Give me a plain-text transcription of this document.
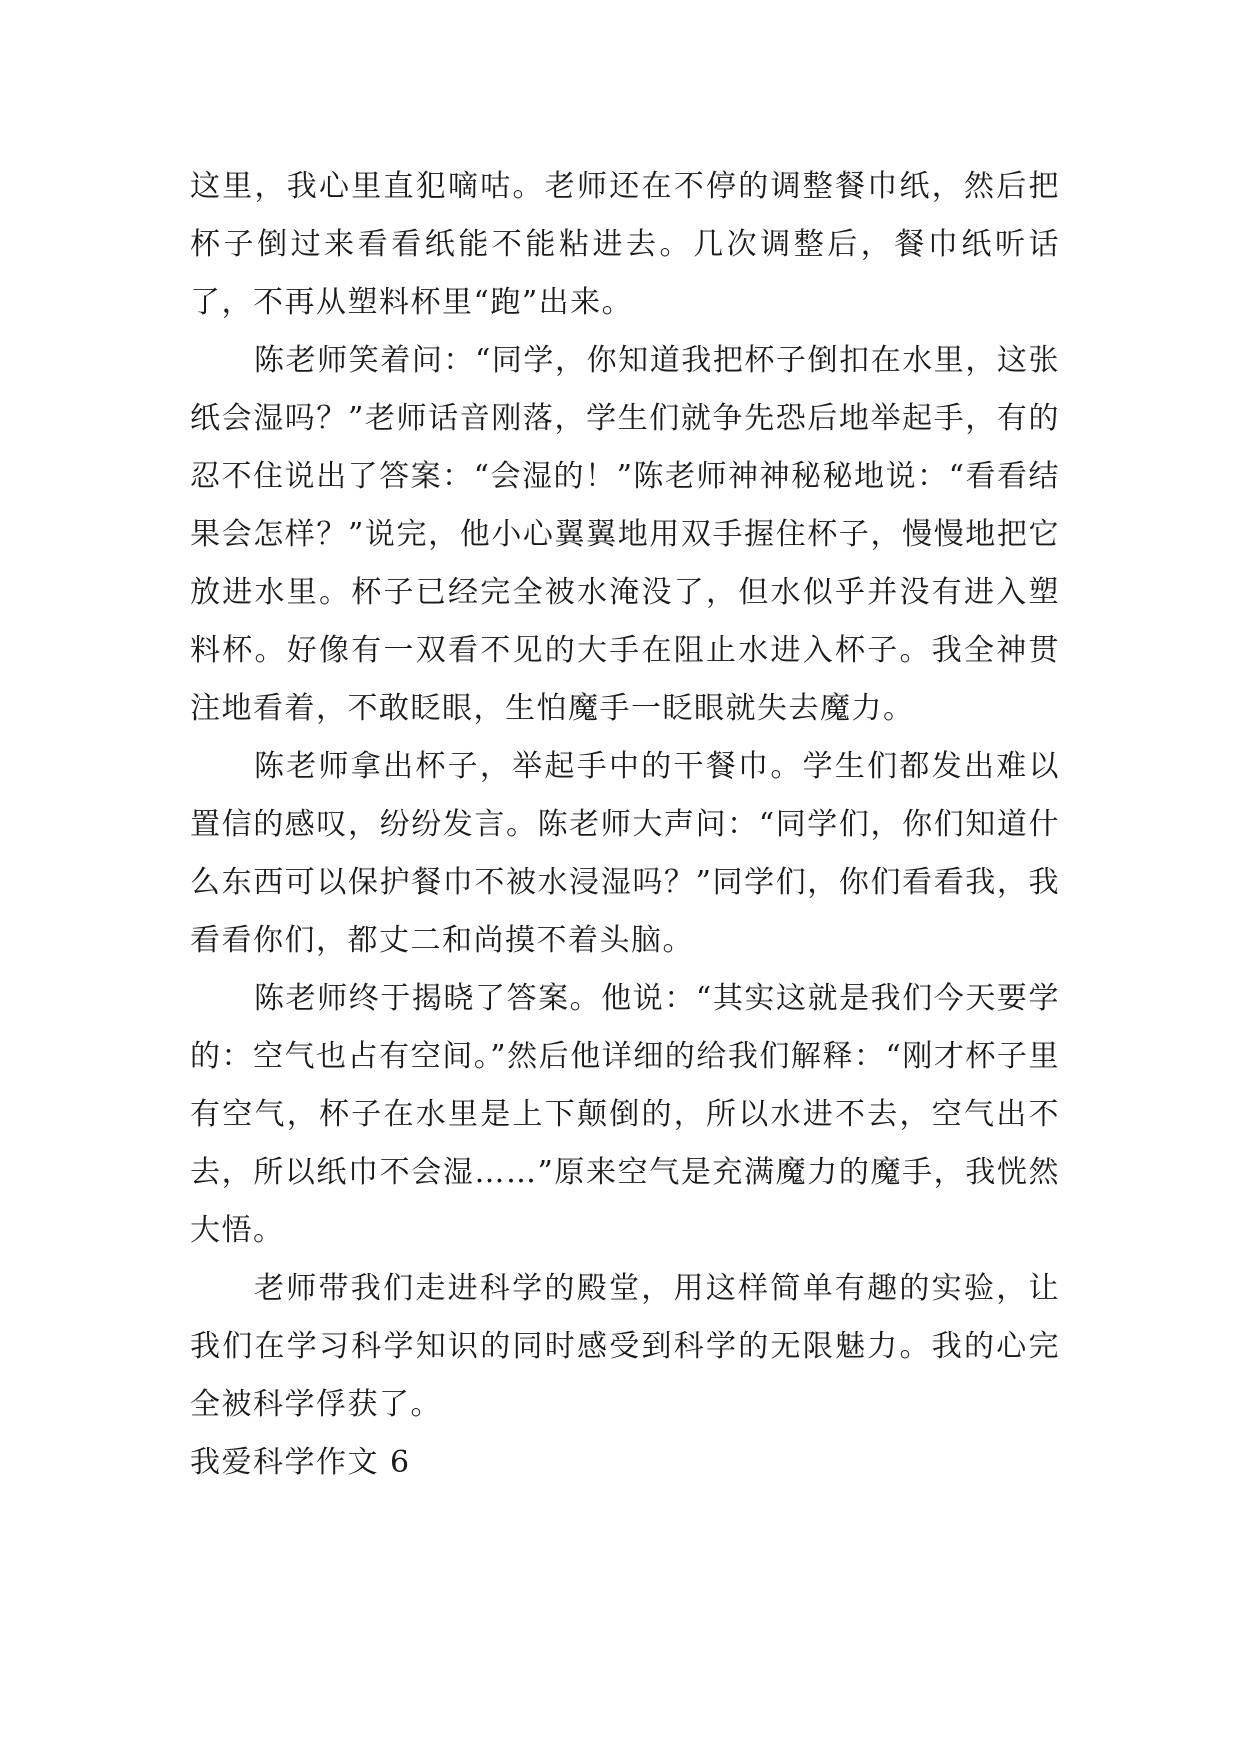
这里，我心里直犯嘀咕。老师还在不停的调整餐巾纸，然后把杯子倒过来看看纸能不能粘进去。几次调整后，餐巾纸听话了，不再从塑料杯里“跑”出来。

陈老师笑着问：“同学，你知道我把杯子倒扣在水里，这张纸会湿吗？”老师话音刚落，学生们就争先恐后地举起手，有的忍不住说出了答案：“会湿的！”陈老师神神秘秘地说：“看看结果会怎样？”说完，他小心翼翼地用双手握住杯子，慢慢地把它放进水里。杯子已经完全被水淹没了，但水似乎并没有进入塑料杯。好像有一双看不见的大手在阻止水进入杯子。我全神贯注地看着，不敢眨眼，生怕魔手一眨眼就失去魔力。

陈老师拿出杯子，举起手中的干餐巾。学生们都发出难以置信的感叹，纷纷发言。陈老师大声问：“同学们，你们知道什么东西可以保护餐巾不被水浸湿吗？”同学们，你们看看我，我看看你们，都丈二和尚摸不着头脑。

陈老师终于揭晓了答案。他说：“其实这就是我们今天要学的：空气也占有空间。”然后他详细的给我们解释：“刚才杯子里有空气，杯子在水里是上下颠倒的，所以水进不去，空气出不去，所以纸巾不会湿……”原来空气是充满魔力的魔手，我恍然大悟。

老师带我们走进科学的殿堂，用这样简单有趣的实验，让我们在学习科学知识的同时感受到科学的无限魅力。我的心完全被科学俘获了。

我爱科学作文 6
